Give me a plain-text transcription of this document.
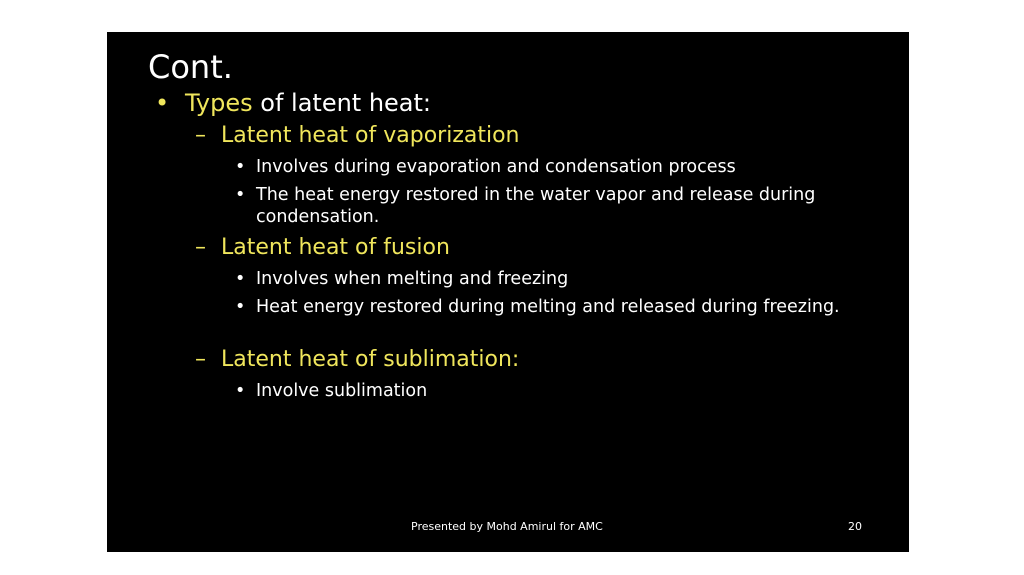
Cont.
• Types of latent heat:
– Latent heat of vaporization
• Involves during evaporation and condensation process
• The heat energy restored in the water vapor and release during condensation.
– Latent heat of fusion
• Involves when melting and freezing
• Heat energy restored during melting and released during freezing.
– Latent heat of sublimation:
• Involve sublimation
Presented by Mohd Amirul for AMC	20
